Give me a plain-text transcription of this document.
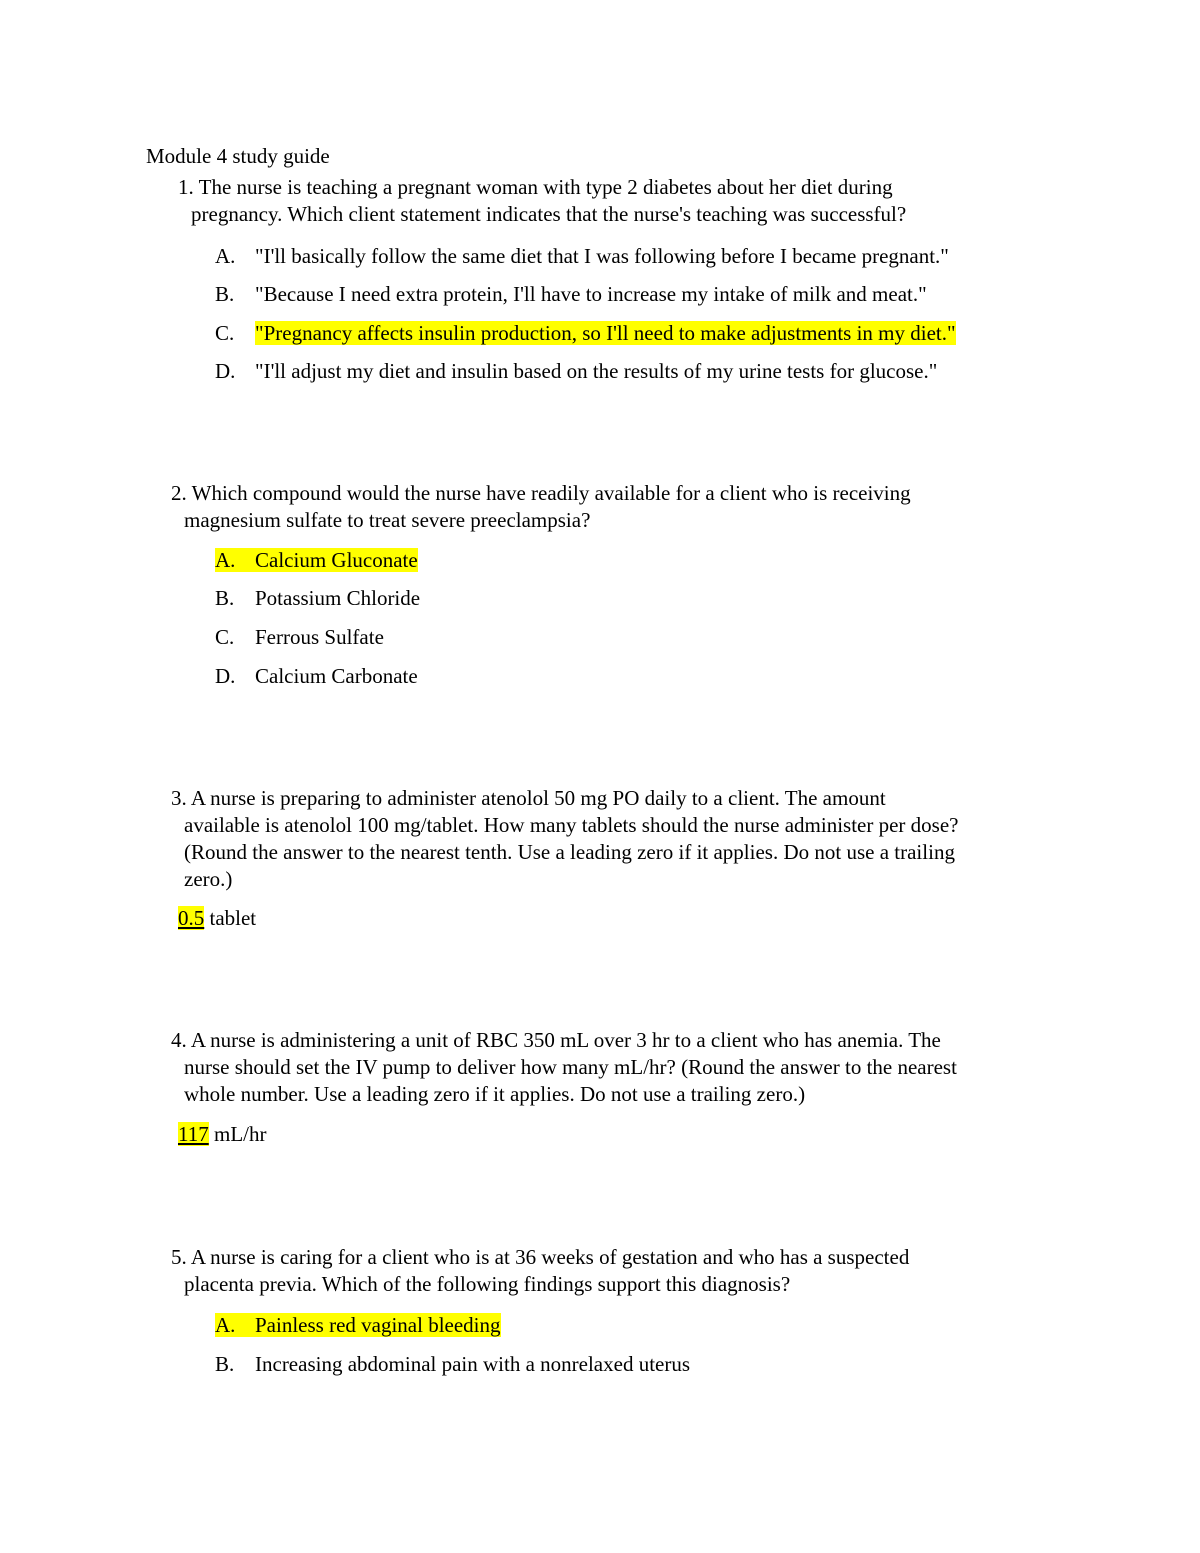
Module 4 study guide
1. The nurse is teaching a pregnant woman with type 2 diabetes about her diet during
pregnancy. Which client statement indicates that the nurse's teaching was successful?
A. "I'll basically follow the same diet that I was following before I became pregnant."
B. "Because I need extra protein, I'll have to increase my intake of milk and meat."
C. "Pregnancy affects insulin production, so I'll need to make adjustments in my diet."
D. "I'll adjust my diet and insulin based on the results of my urine tests for glucose."
2. Which compound would the nurse have readily available for a client who is receiving
magnesium sulfate to treat severe preeclampsia?
A. Calcium Gluconate
B. Potassium Chloride
C. Ferrous Sulfate
D. Calcium Carbonate
3. A nurse is preparing to administer atenolol 50 mg PO daily to a client. The amount
available is atenolol 100 mg/tablet. How many tablets should the nurse administer per dose?
(Round the answer to the nearest tenth. Use a leading zero if it applies. Do not use a trailing
zero.)
0.5 tablet
4. A nurse is administering a unit of RBC 350 mL over 3 hr to a client who has anemia. The
nurse should set the IV pump to deliver how many mL/hr? (Round the answer to the nearest
whole number. Use a leading zero if it applies. Do not use a trailing zero.)
117 mL/hr
5. A nurse is caring for a client who is at 36 weeks of gestation and who has a suspected
placenta previa. Which of the following findings support this diagnosis?
A. Painless red vaginal bleeding
B. Increasing abdominal pain with a nonrelaxed uterus
